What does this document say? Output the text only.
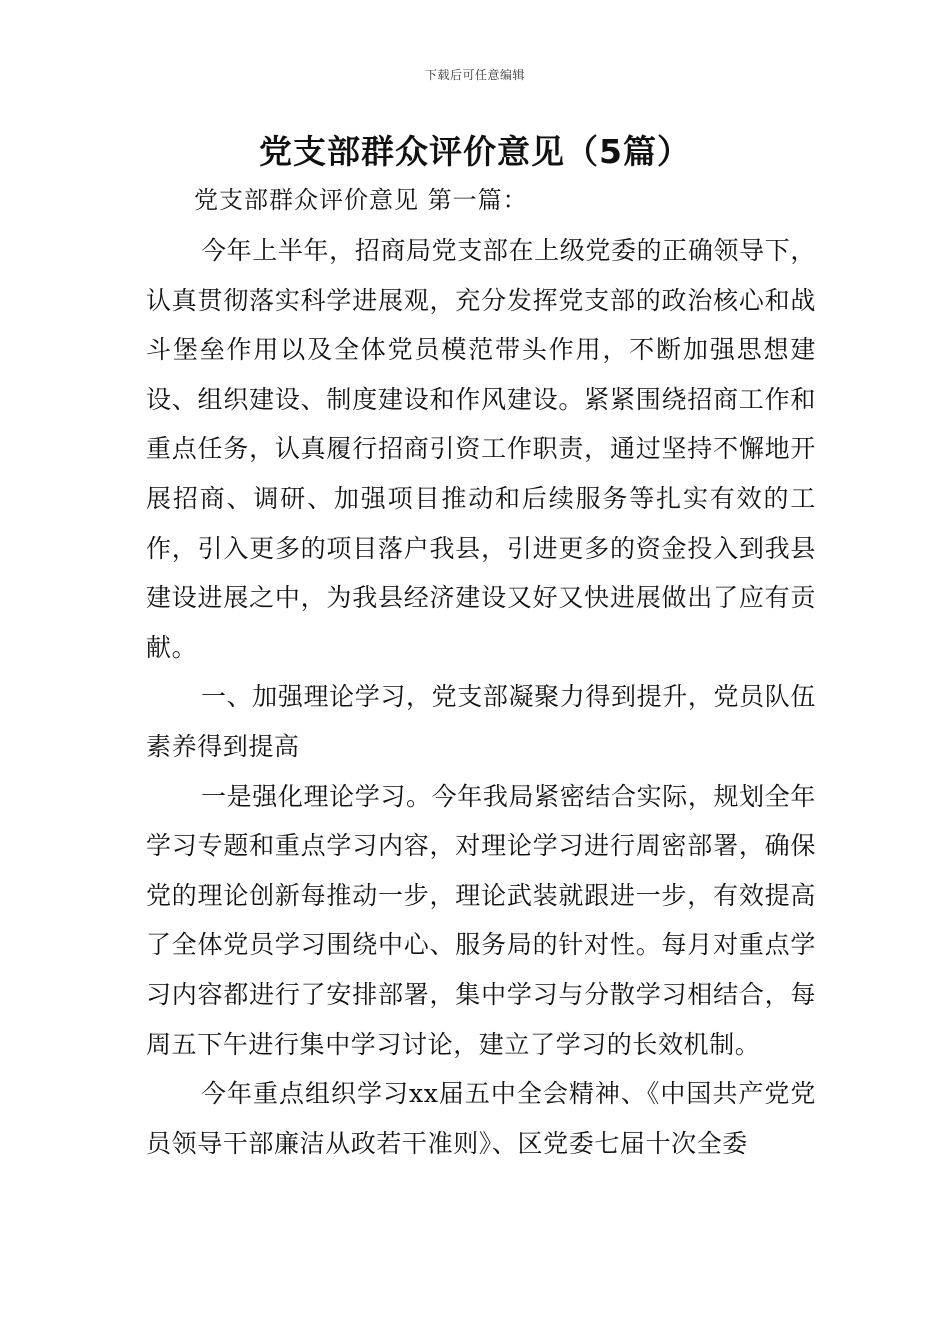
下载后可任意编辑
党支部群众评价意见（5篇）
党支部群众评价意见 第一篇：

今年上半年，招商局党支部在上级党委的正确领导下，认真贯彻落实科学进展观，充分发挥党支部的政治核心和战斗堡垒作用以及全体党员模范带头作用，不断加强思想建设、组织建设、制度建设和作风建设。紧紧围绕招商工作和重点任务，认真履行招商引资工作职责，通过坚持不懈地开展招商、调研、加强项目推动和后续服务等扎实有效的工作，引入更多的项目落户我县，引进更多的资金投入到我县建设进展之中，为我县经济建设又好又快进展做出了应有贡献。

一、加强理论学习，党支部凝聚力得到提升，党员队伍素养得到提高

一是强化理论学习。今年我局紧密结合实际，规划全年学习专题和重点学习内容，对理论学习进行周密部署，确保党的理论创新每推动一步，理论武装就跟进一步，有效提高了全体党员学习围绕中心、服务局的针对性。每月对重点学习内容都进行了安排部署，集中学习与分散学习相结合，每周五下午进行集中学习讨论，建立了学习的长效机制。

今年重点组织学习xx届五中全会精神、《中国共产党党员领导干部廉洁从政若干准则》、区党委七届十次全委
